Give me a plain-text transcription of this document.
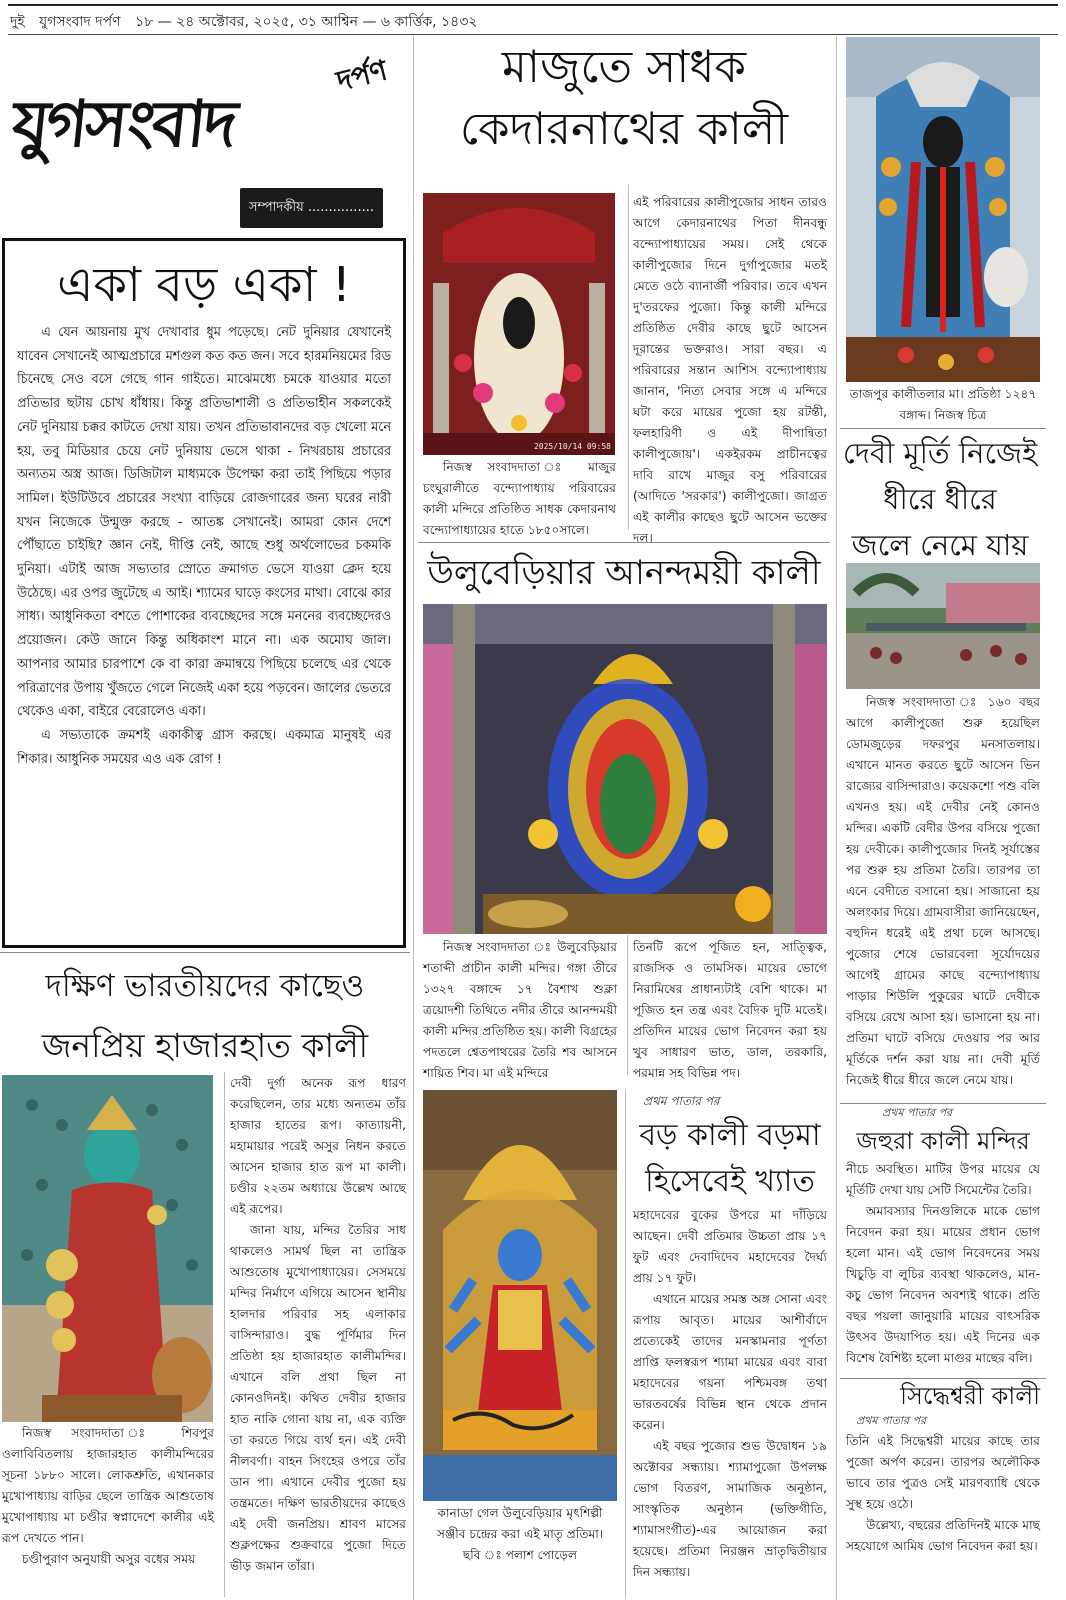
দুই যুগসংবাদ দর্পণ ১৮ — ২৪ অক্টোবর, ২০২৫, ৩১ আশ্বিন — ৬ কার্ত্তিক, ১৪৩২
যুগসংবাদ
দর্পণ
সম্পাদকীয় ................
একা বড় একা !
এ যেন আয়নায় মুখ দেখাবার ধুম পড়েছে। নেট দুনিয়ার যেখানেই যাবেন সেখানেই আত্মপ্রচারে মশগুল কত কত জন। সবে হারমনিয়মের রিড চিনেছে সেও বসে গেছে গান গাইতে। মাঝেমধ্যে চমকে যাওয়ার মতো প্রতিভার ছটায় চোখ ধাঁধায়। কিন্তু প্রতিভাশালী ও প্রতিভাহীন সকলকেই নেট দুনিয়ায় চক্কর কাটতে দেখা যায়। তখন প্রতিভাবানদের বড় খেলো মনে হয়, তবু মিডিয়ার চেয়ে নেট দুনিয়ায় ভেসে থাকা - নিখরচায় প্রচারের অন্যতম অস্ত্র আজ। ডিজিটাল মাধ্যমকে উপেক্ষা করা তাই পিছিয়ে পড়ার সামিল। ইউটিউবে প্রচারের সংখ্যা বাড়িয়ে রোজগারের জন্য ঘরের নারী যখন নিজেকে উন্মুক্ত করছে - আতঙ্ক সেখানেই। আমরা কোন দেশে পৌঁছাতে চাইছি? জ্ঞান নেই, দীপ্তি নেই, আছে শুধু অর্থলোভের চকমকি দুনিয়া। এটাই আজ সভ্যতার স্রোতে ক্রমাগত ভেসে যাওয়া ক্লেদ হয়ে উঠেছে। এর ওপর জুটেছে এ আই। শ্যামের ঘাড়ে কংসের মাথা। বোঝে কার সাধ্য। আধুনিকতা বশতে পোশাকের ব্যবচ্ছেদের সঙ্গে মননের ব্যবচ্ছেদেরও প্রয়োজন। কেউ জানে কিন্তু অধিকাংশ মানে না। এক অমোঘ জাল। আপনার আমার চারপাশে কে বা কারা ক্রমান্বয়ে পিছিয়ে চলেছে এর থেকে পরিত্রাণের উপায় খুঁজতে গেলে নিজেই একা হয়ে পড়বেন। জালের ভেতরে থেকেও একা, বাইরে বেরোলেও একা।
এ সভ্যতাকে ক্রমশই একাকীত্ব গ্রাস করছে। একমাত্র মানুষই এর শিকার। আধুনিক সময়ের এও এক রোগ !
দক্ষিণ ভারতীয়দের কাছেও
জনপ্রিয় হাজারহাত কালী
নিজস্ব সংবাদদাতা ঃ শিবপুর ওলাবিবিতলায় হাজারহাত কালীমন্দিরের সূচনা ১৮৮০ সালে। লোকশ্রুতি, এখানকার মুখোপাধ্যায় বাড়ির ছেলে তান্ত্রিক আশুতোষ মুখোপাধ্যায় মা চণ্ডীর স্বপ্নাদেশে কালীর এই রূপ দেখতে পান।
চণ্ডীপুরাণ অনুযায়ী অসুর বধের সময়
দেবী দুর্গা অনেক রূপ ধারণ করেছিলেন, তার মধ্যে অন্যতম তাঁর হাজার হাতের রূপ। কাত্যায়নী, মহামায়ার পরেই অসুর নিধন করতে আসেন হাজার হাত রূপ মা কালী। চণ্ডীর ২২তম অধ্যায়ে উল্লেখ আছে এই রূপের।
জানা যায়, মন্দির তৈরির সাধ থাকলেও সামর্থ ছিল না তান্ত্রিক আশুতোষ মুখোপাধ্যায়ের। সেসময়ে মন্দির নির্মাণে এগিয়ে আসেন স্থানীয় হালদার পরিবার সহ এলাকার বাসিন্দারাও। বুদ্ধ পূর্ণিমার দিন প্রতিষ্ঠা হয় হাজারহাত কালীমন্দির। এখানে বলি প্রথা ছিল না কোনওদিনই। কথিত দেবীর হাজার হাত নাকি গোনা যায় না, এক ব্যক্তি তা করতে গিয়ে ব্যর্থ হন। এই দেবী নীলবর্ণা। বাহন সিংহের ওপরে তাঁর ডান পা। এখানে দেবীর পুজো হয় তন্ত্রমতে। দক্ষিণ ভারতীয়দের কাছেও এই দেবী জনপ্রিয়। শ্রাবণ মাসের শুক্লপক্ষের শুক্রবারে পুজো দিতে ভীড় জমান তাঁরা।
মাজুতে সাধক
কেদারনাথের কালী
2025/10/14 09:58
নিজস্ব সংবাদদাতা ঃ মাজুর চংঘুরালীতে বন্দ্যোপাধ্যায় পরিবারের কালী মন্দিরে প্রতিষ্ঠিত সাধক কেদারনাথ বন্দ্যোপাধ্যায়ের হাতে ১৮৫০সালে।
এই পরিবারের কালীপুজোর সাধন তারও আগে কেদারনাথের পিতা দীনবন্ধু বন্দ্যোপাধ্যায়ের সময়। সেই থেকে কালীপুজোর দিনে দুর্গাপুজোর মতই মেতে ওঠে ব্যানার্জী পরিবার। তবে এখন দু'তরফের পুজো। কিন্তু কালী মন্দিরে প্রতিষ্ঠিত দেবীর কাছে ছুটে আসেন দূরান্তের ভক্তরাও। সারা বছর। এ পরিবারের সন্তান আশিস বন্দ্যোপাধ্যায় জানান, 'নিত্য সেবার সঙ্গে এ মন্দিরে ঘটা করে মায়ের পুজো হয় রটন্তী, ফলহারিণী ও এই দীপান্বিতা কালীপুজোয়'। একইরকম প্রাচীনত্বের দাবি রাখে মাজুর বসু পরিবারের (আদিতে 'সরকার') কালীপুজো। জাগ্রত এই কালীর কাছেও ছুটে আসেন ভক্তের দল।
তাজপুর কালীতলার মা। প্রতিষ্ঠা ১২৪৭ বঙ্গাব্দ। নিজস্ব চিত্র
দেবী মূর্তি নিজেই
ধীরে ধীরে
জলে নেমে যায়
নিজস্ব সংবাদদাতা ঃ ১৬০ বছর আগে কালীপুজো শুরু হয়েছিল ডোমজুড়ের দফরপুর মনসাতলায়। এখানে মানত করতে ছুটে আসেন ভিন রাজ্যের বাসিন্দারাও। কয়েকশো পশু বলি এখনও হয়। এই দেবীর নেই কোনও মন্দির। একটি বেদীর উপর বসিয়ে পুজো হয় দেবীকে। কালীপুজোর দিনই সূর্যাস্তের পর শুরু হয় প্রতিমা তৈরি। তারপর তা এনে বেদীতে বসানো হয়। সাজানো হয় অলংকার দিয়ে। গ্রামবাসীরা জানিয়েছেন, বহুদিন ধরেই এই প্রথা চলে আসছে। পুজোর শেষে ভোরবেলা সূর্যোদয়ের আগেই গ্রামের কাছে বন্দ্যোপাধ্যায় পাড়ার শিউলি পুকুরের ঘাটে দেবীকে বসিয়ে রেখে আসা হয়। ভাসানো হয় না। প্রতিমা ঘাটে বসিয়ে দেওয়ার পর আর মূর্তিকে দর্শন করা যায় না। দেবী মূর্তি নিজেই ধীরে ধীরে জলে নেমে যায়।
উলুবেড়িয়ার আনন্দময়ী কালী
নিজস্ব সংবাদদাতা ঃ উলুবেড়িয়ার শতাব্দী প্রাচীন কালী মন্দির। গঙ্গা তীরে ১৩২৭ বঙ্গাব্দে ১৭ বৈশাখ শুক্লা ত্রয়োদশী তিথিতে নদীর তীরে আনন্দময়ী কালী মন্দির প্রতিষ্ঠিত হয়। কালী বিগ্রহের পদতলে শ্বেতপাথরের তৈরি শব আসনে শায়িত শিব। মা এই মন্দিরে
তিনটি রূপে পূজিত হন, সাত্ত্বিক, রাজসিক ও তামসিক। মায়ের ভোগে নিরামিষের প্রাধান্যটাই বেশি থাকে। মা পূজিত হন তন্ত্র এবং বৈদিক দুটি মতেই। প্রতিদিন মায়ের ভোগ নিবেদন করা হয় খুব সাধারণ ভাত, ডাল, তরকারি, পরমান্ন সহ বিভিন্ন পদ।
কানাডা গেল উলুবেড়িয়ার মৃৎশিল্পী
সঞ্জীব চন্দ্রের করা এই মাতৃ প্রতিমা।
ছবি ঃ পলাশ পোড়েল
প্রথম পাতার পর
বড় কালী বড়মা
হিসেবেই খ্যাত
মহাদেবের বুকের উপরে মা দাঁড়িয়ে আছেন। দেবী প্রতিমার উচ্চতা প্রায় ১৭ ফুট এবং দেবাদিদেব মহাদেবের দৈর্ঘ্য প্রায় ১৭ ফুট।
এখানে মায়ের সমস্ত অঙ্গ সোনা এবং রূপায় আবৃত। মায়ের আশীর্বাদে প্রত্যেকেই তাদের মনস্কামনার পূর্ণতা প্রাপ্তি ফলস্বরূপ শ্যামা মায়ের এবং বাবা মহাদেবের গয়না পশ্চিমবঙ্গ তথা ভারতবর্ষের বিভিন্ন স্থান থেকে প্রদান করেন।
এই বছর পুজোর শুভ উদ্বোধন ১৯ অক্টোবর সন্ধ্যায়। শ্যামাপুজো উপলক্ষ ভোগ বিতরণ, সামাজিক অনুষ্ঠান, সাংস্কৃতিক অনুষ্ঠান (ভক্তিগীতি, শ্যামাসংগীত)-এর আয়োজন করা হয়েছে। প্রতিমা নিরঞ্জন ভ্রাতৃদ্বিতীয়ার দিন সন্ধ্যায়।
প্রথম পাতার পর
জহুরা কালী মন্দির
নীচে অবস্থিত। মাটির উপর মায়ের যে মূর্তিটি দেখা যায় সেটি সিমেন্টের তৈরি।
অমাবস্যার দিনগুলিকে মাকে ভোগ নিবেদন করা হয়। মায়ের প্রধান ভোগ হলো মান। এই ভোগ নিবেদনের সময় খিচুড়ি বা লুচির ব্যবস্থা থাকলেও, মান-কচু ভোগ নিবেদন অবশ্যই থাকে। প্রতি বছর পয়লা জানুয়ারি মায়ের বাৎসরিক উৎসব উদযাপিত হয়। এই দিনের এক বিশেষ বৈশিষ্ট্য হলো মাগুর মাছের বলি।
সিদ্ধেশ্বরী কালী
প্রথম পাতার পর
তিনি এই সিদ্ধেশ্বরী মায়ের কাছে তার পুজো অর্পণ করেন। তারপর অলৌকিক ভাবে তার পুত্রও সেই মারণব্যাধি থেকে সুস্থ হয়ে ওঠে।
উল্লেখ্য, বছরের প্রতিদিনই মাকে মাছ সহযোগে আমিষ ভোগ নিবেদন করা হয়।
